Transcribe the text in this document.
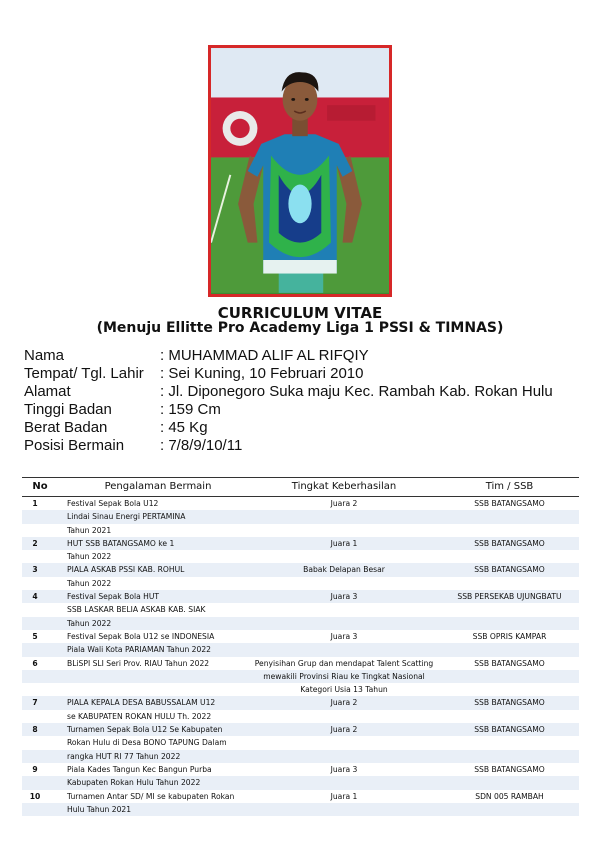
CURRICULUM VITAE
(Menuju Ellitte Pro Academy Liga 1 PSSI & TIMNAS)
Nama	: MUHAMMAD ALIF AL RIFQIY
Tempat/ Tgl. Lahir	: Sei Kuning, 10 Februari 2010
Alamat	: Jl. Diponegoro Suka maju Kec. Rambah Kab. Rokan Hulu
Tinggi Badan	: 159 Cm
Berat Badan	: 45 Kg
Posisi Bermain	: 7/8/9/10/11
No	Pengalaman Bermain	Tingkat Keberhasilan	Tim / SSB
1	Festival Sepak Bola U12	Juara 2	SSB BATANGSAMO
Lindai Sinau Energi PERTAMINA
Tahun 2021
2	HUT SSB BATANGSAMO ke 1	Juara 1	SSB BATANGSAMO
Tahun 2022
3	PIALA ASKAB PSSI KAB. ROHUL	Babak Delapan Besar	SSB BATANGSAMO
Tahun 2022
4	Festival Sepak Bola HUT	Juara 3	SSB PERSEKAB UJUNGBATU
SSB LASKAR BELIA ASKAB KAB. SIAK
Tahun 2022
5	Festival Sepak Bola U12 se INDONESIA	Juara 3	SSB OPRIS KAMPAR
Piala Wali Kota PARIAMAN Tahun 2022
6	BLiSPI SLI Seri Prov. RIAU Tahun 2022	Penyisihan Grup dan mendapat Talent Scatting	SSB BATANGSAMO
mewakili Provinsi Riau ke Tingkat Nasional
Kategori Usia 13 Tahun
7	PIALA KEPALA DESA BABUSSALAM U12	Juara 2	SSB BATANGSAMO
se KABUPATEN ROKAN HULU Th. 2022
8	Turnamen Sepak Bola U12 Se Kabupaten	Juara 2	SSB BATANGSAMO
Rokan Hulu di Desa BONO TAPUNG Dalam
rangka HUT RI 77 Tahun 2022
9	Piala Kades Tangun Kec Bangun Purba	Juara 3	SSB BATANGSAMO
Kabupaten Rokan Hulu Tahun 2022
10	Turnamen Antar SD/ MI se kabupaten Rokan	Juara 1	SDN 005 RAMBAH
Hulu Tahun 2021
